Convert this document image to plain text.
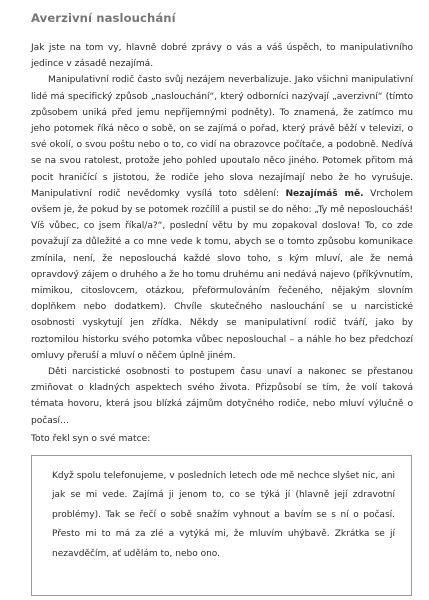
Averzivní naslouchání

Jak jste na tom vy, hlavně dobré zprávy o vás a váš úspěch, to manipulativního jedince v zásadě nezajímá.

Manipulativní rodič často svůj nezájem neverbalizuje. Jako všichni manipulativní lidé má specifický způsob „naslouchání“, který odborníci nazývají „averzivní“ (tímto způsobem uniká před jemu nepříjemnými podněty). To znamená, že zatímco mu jeho potomek říká něco o sobě, on se zajímá o pořad, který právě běží v televizi, o své okolí, o svou poštu nebo o to, co vidí na obrazovce počítače, a podobně. Nedívá se na svou ratolest, protože jeho pohled upoutalo něco jiného. Potomek přitom má pocit hraničící s jistotou, že rodiče jeho slova nezajímají nebo že ho vyrušuje. Manipulativní rodič nevědomky vysílá toto sdělení: Nezajímáš mě. Vrcholem ovšem je, že pokud by se potomek rozčílil a pustil se do něho: „Ty mě neposloucháš! Víš vůbec, co jsem říkal/a?“, poslední větu by mu zopakoval doslova! To, co zde považují za důležité a co mne vede k tomu, abych se o tomto způsobu komunikace zmínila, není, že neposlouchá každé slovo toho, s kým mluví, ale že nemá opravdový zájem o druhého a že ho tomu druhému ani nedává najevo (příkývnutím, mimikou, citoslovcem, otázkou, přeformulováním řečeného, nějakým slovním doplňkem nebo dodatkem). Chvíle skutečného naslouchání se u narcistické osobnosti vyskytují jen zřídka. Někdy se manipulativní rodič tváří, jako by roztomilou historku svého potomka vůbec neposlouchal – a náhle ho bez předchozí omluvy přeruší a mluví o něčem úplně jiném.

Děti narcistické osobnosti to postupem času unaví a nakonec se přestanou zmiňovat o kladných aspektech svého života. Přizpůsobí se tím, že volí taková témata hovoru, která jsou blízká zájmům dotyčného rodiče, nebo mluví výlučně o počasí…

Toto řekl syn o své matce:

Když spolu telefonujeme, v posledních letech ode mě nechce slyšet nic, ani jak se mi vede. Zajímá ji jenom to, co se týká jí (hlavně její zdravotní problémy). Tak se řečí o sobě snažím vyhnout a bavím se s ní o počasí. Přesto mi to má za zlé a vytýká mi, že mluvím uhýbavě. Zkrátka se jí nezavděčím, ať udělám to, nebo ono.
